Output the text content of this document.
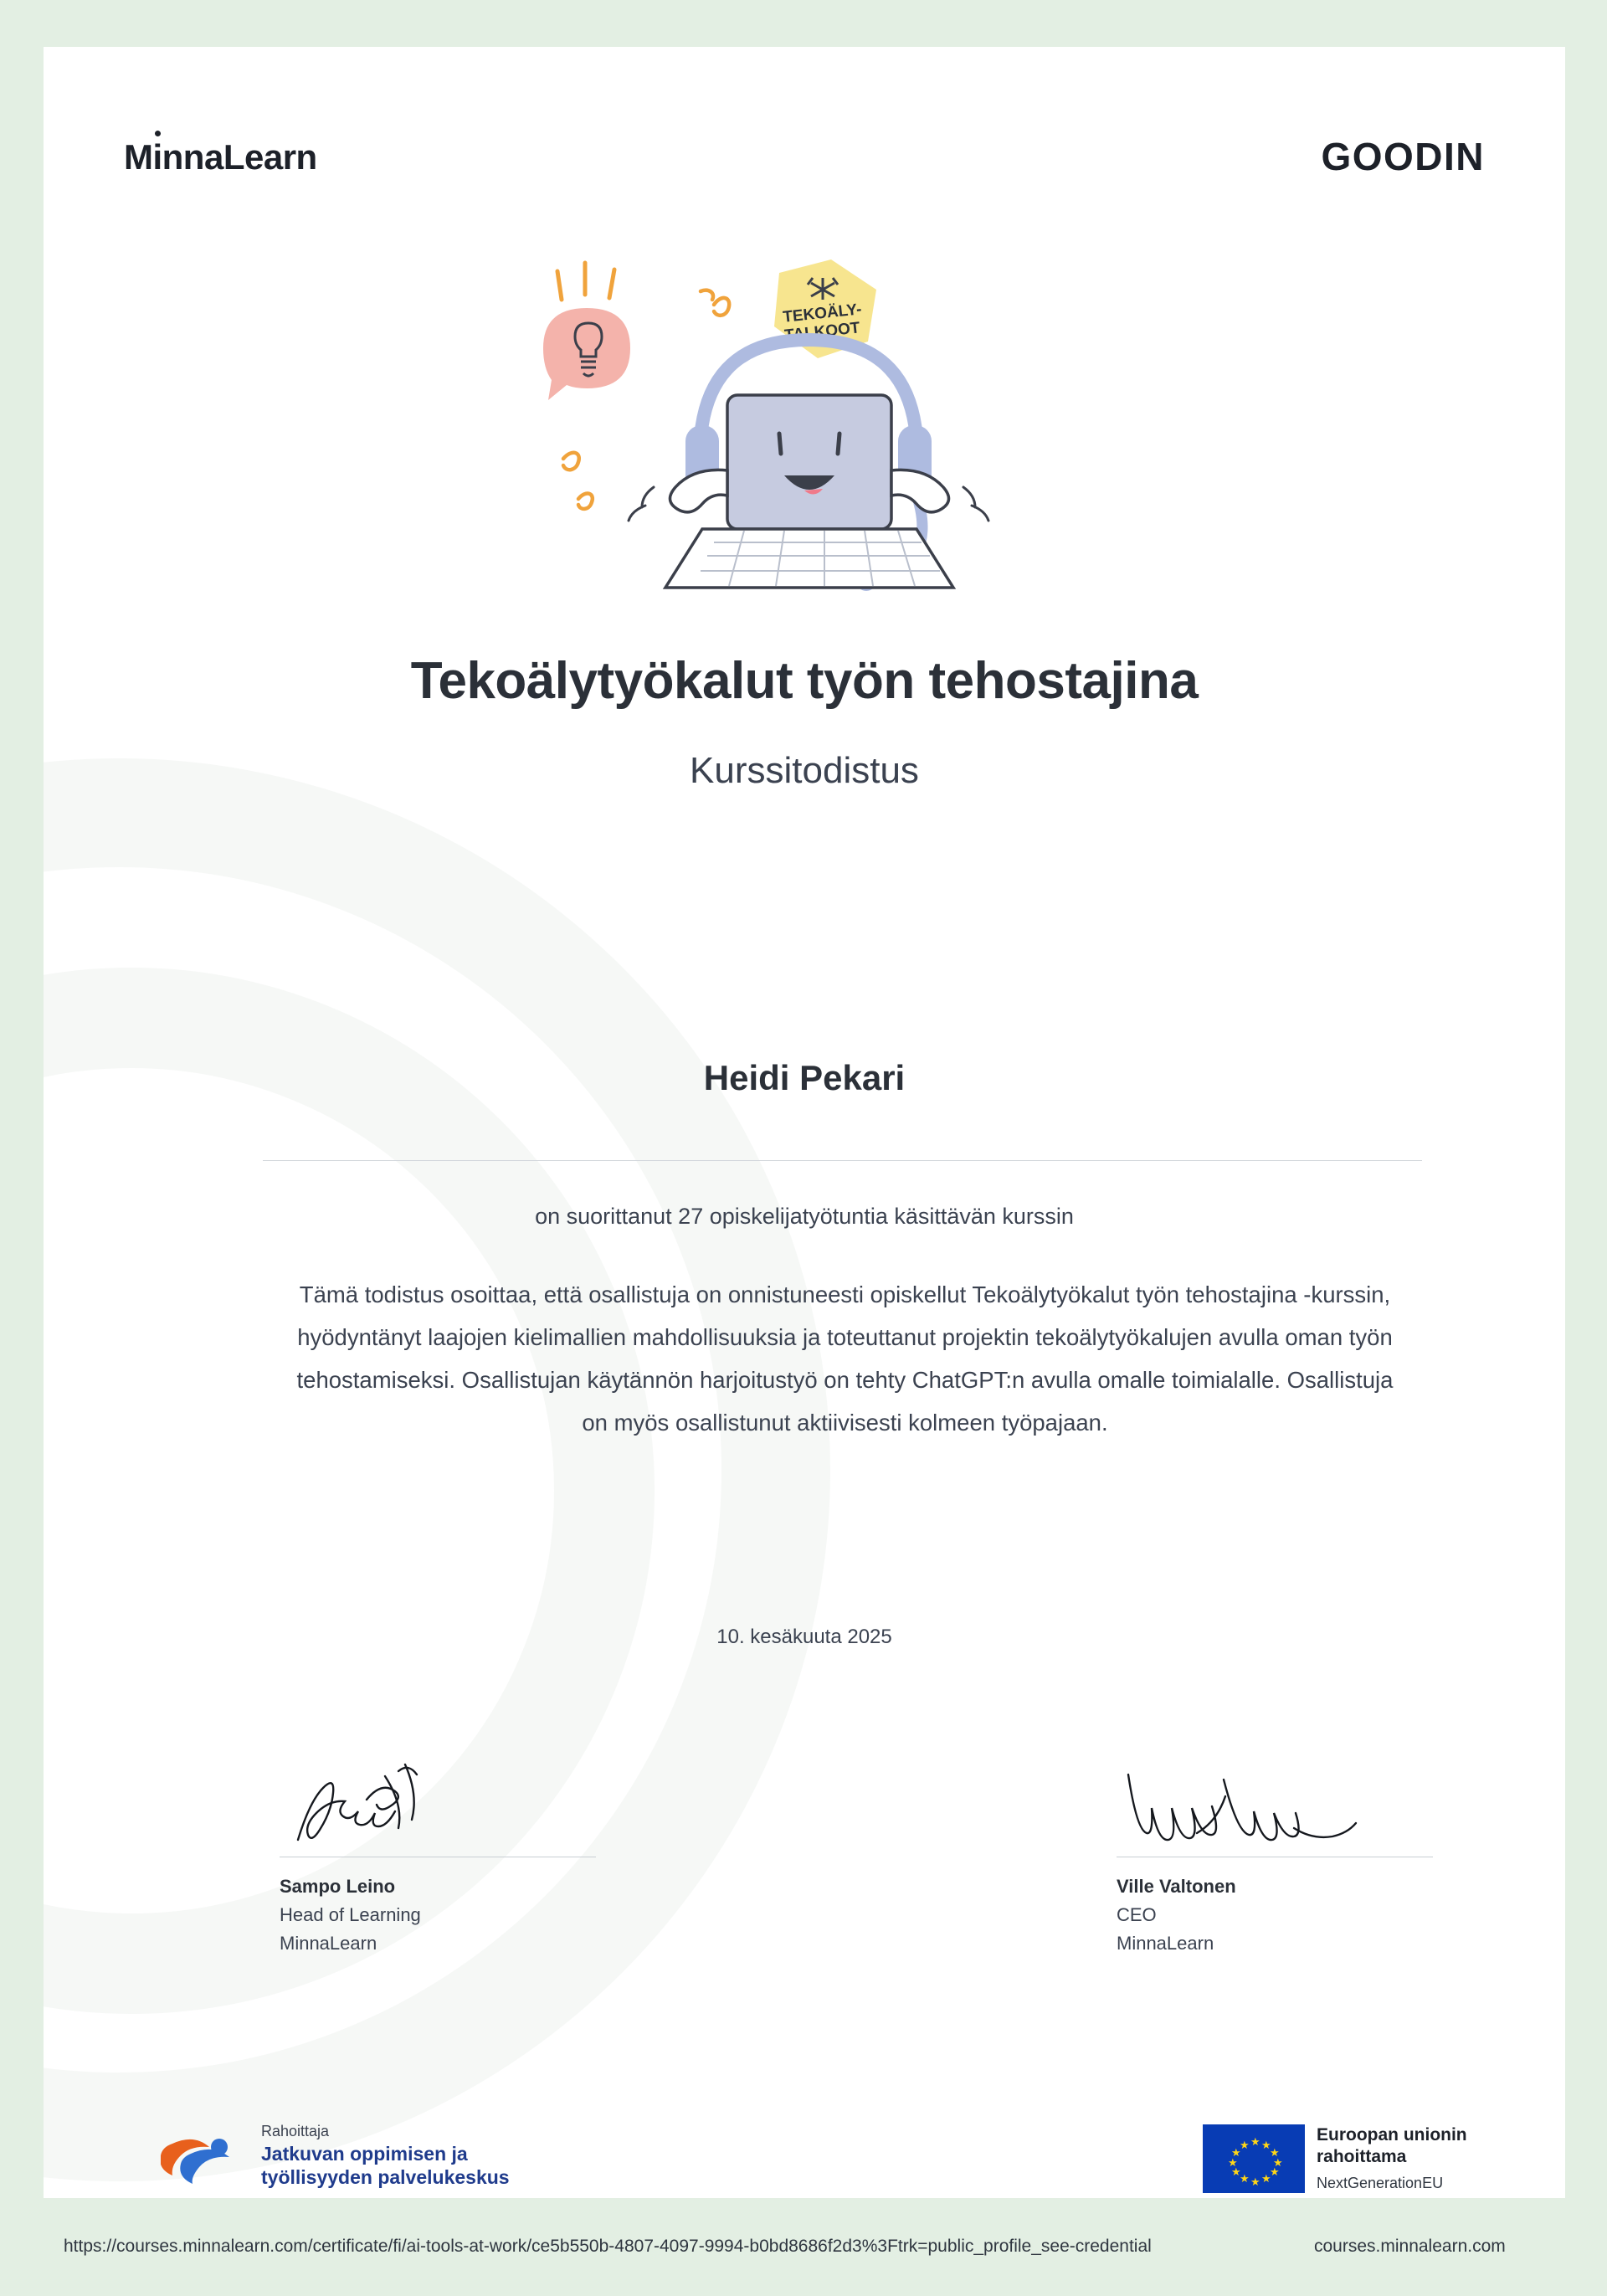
MinnaLearn	GOODIN
TEKOÄLY-
TALKOOT
Tekoälytyökalut työn tehostajina
Kurssitodistus
Heidi Pekari
on suorittanut 27 opiskelijatyötuntia käsittävän kurssin
Tämä todistus osoittaa, että osallistuja on onnistuneesti opiskellut Tekoälytyökalut työn tehostajina -kurssin, hyödyntänyt laajojen kielimallien mahdollisuuksia ja toteuttanut projektin tekoälytyökalujen avulla oman työn tehostamiseksi. Osallistujan käytännön harjoitustyö on tehty ChatGPT:n avulla omalle toimialalle. Osallistuja on myös osallistunut aktiivisesti kolmeen työpajaan.
10. kesäkuuta 2025
Sampo Leino
Head of Learning
MinnaLearn
Ville Valtonen
CEO
MinnaLearn
Rahoittaja
Jatkuvan oppimisen ja
työllisyyden palvelukeskus
★
★
★
★
★
★ ★ ★
★
★
★
★
Euroopan unionin
rahoittama
NextGenerationEU
https://courses.minnalearn.com/certificate/fi/ai-tools-at-work/ce5b550b-4807-4097-9994-b0bd8686f2d3%3Ftrk=public_profile_see-credential	courses.minnalearn.com
